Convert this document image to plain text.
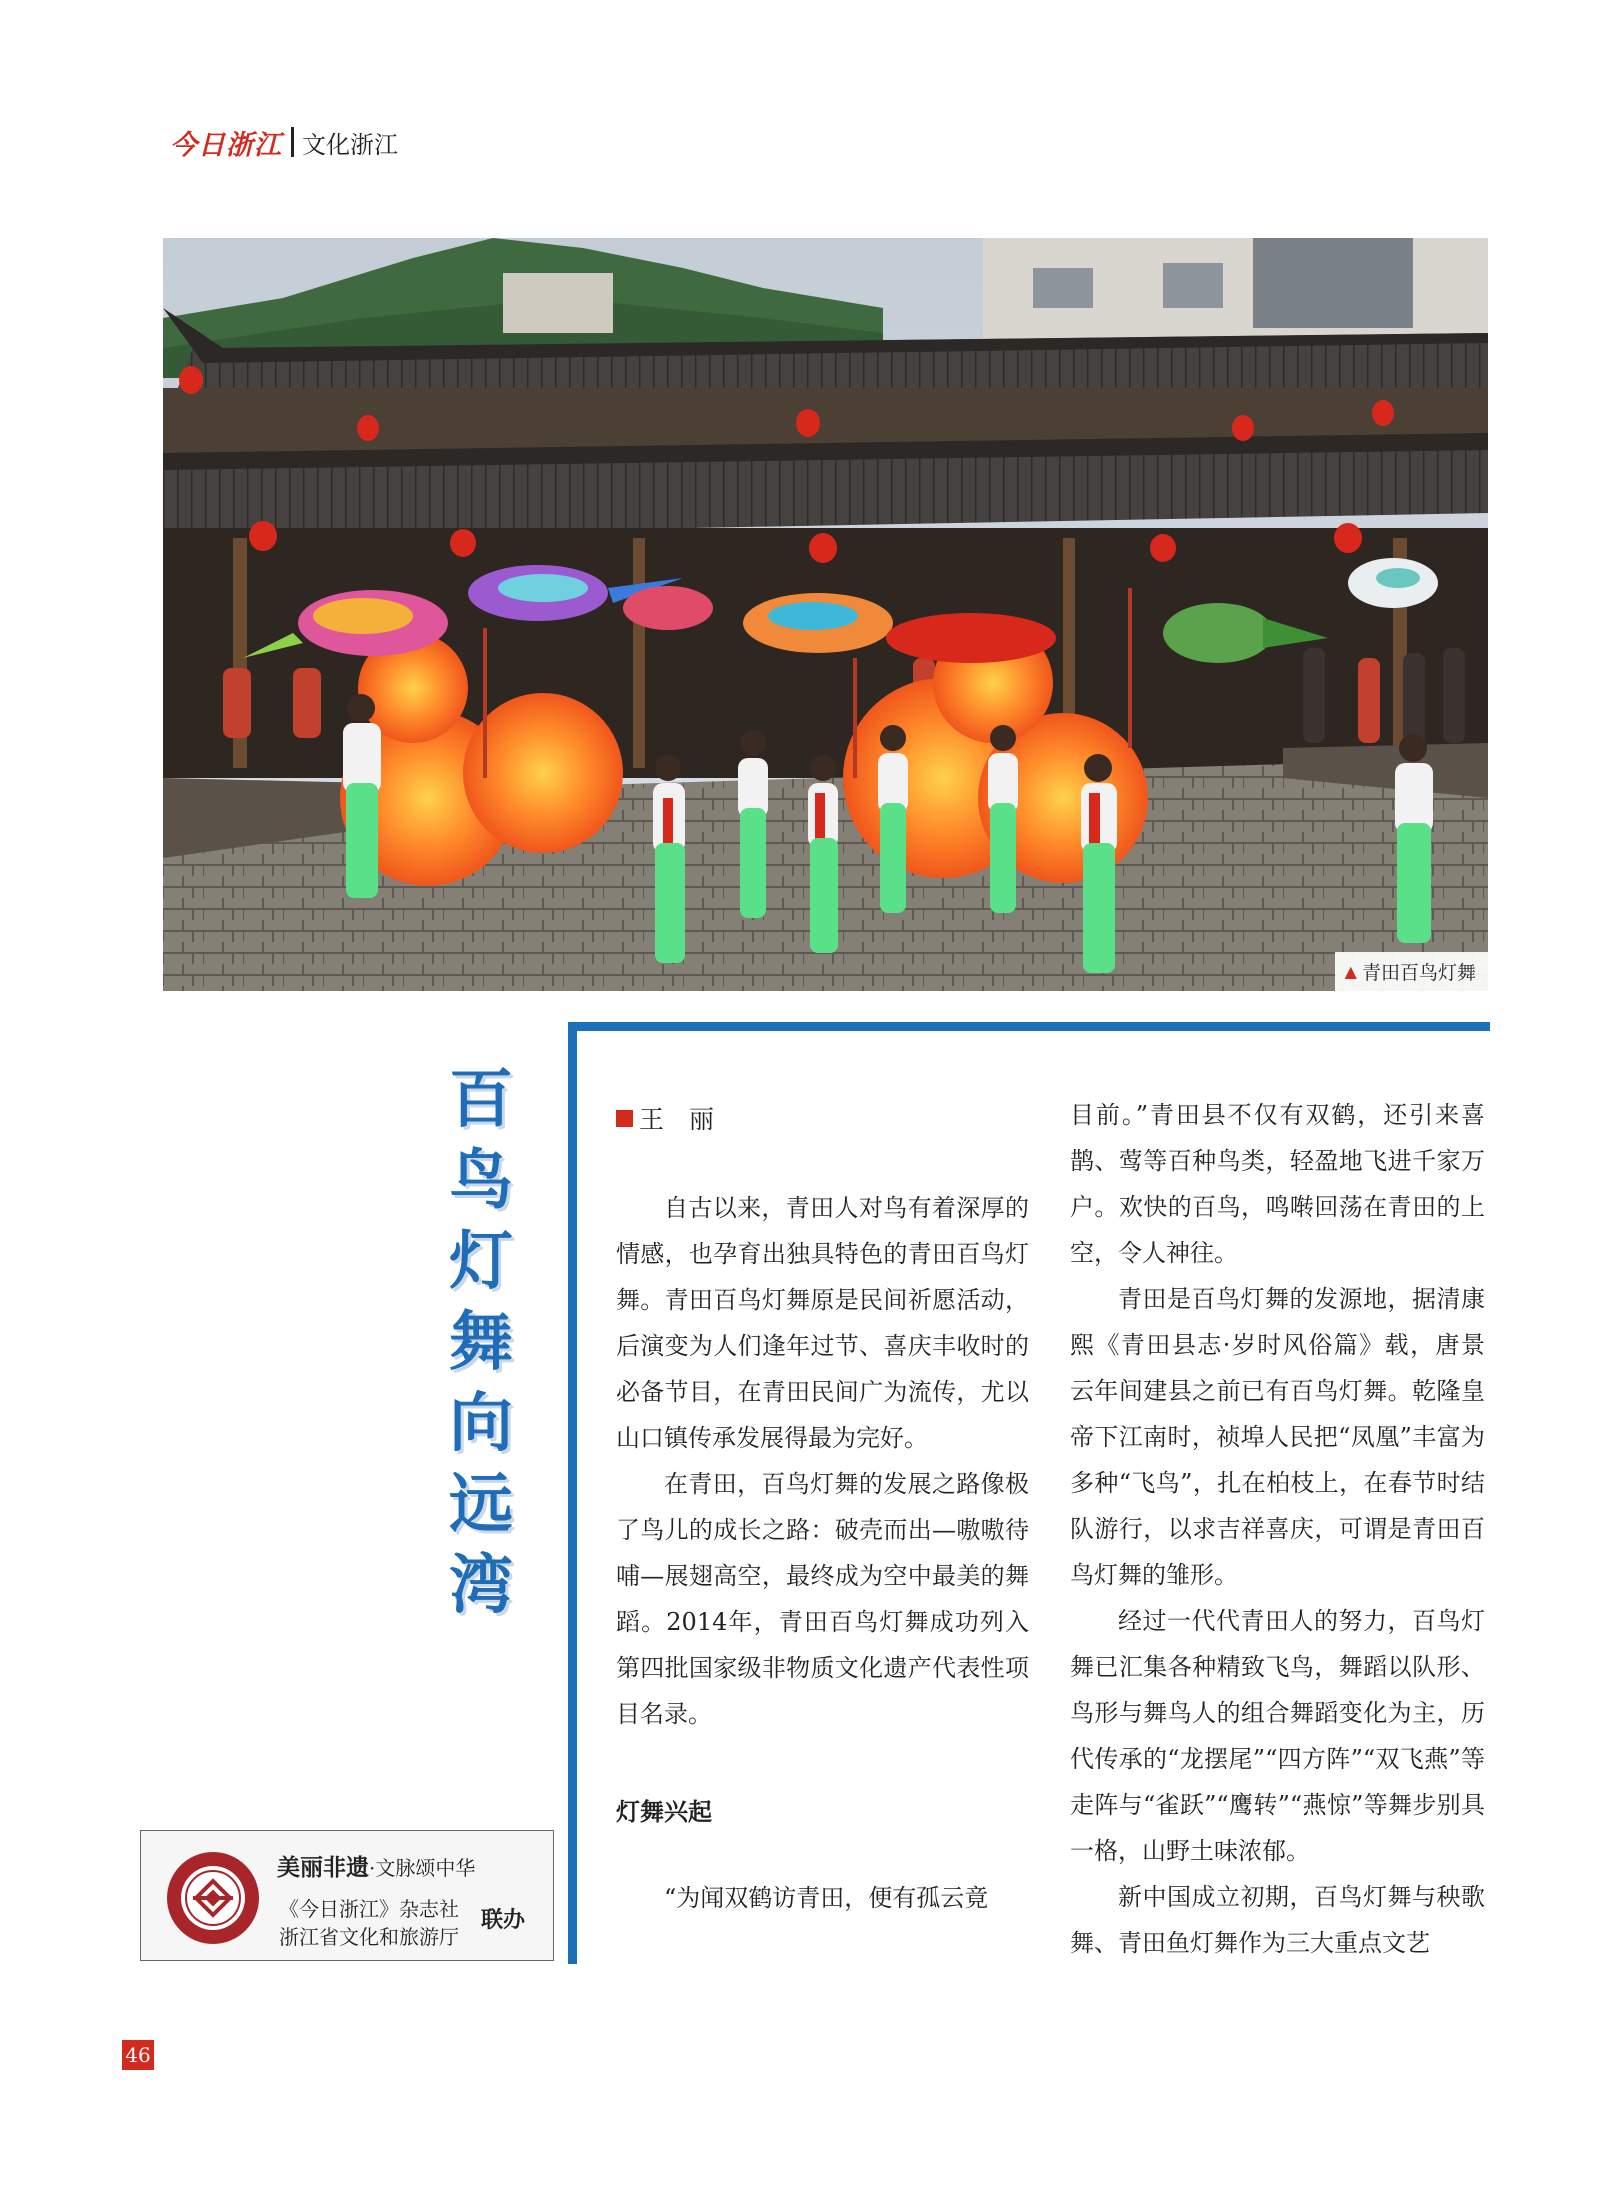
今日浙江 文化浙江
▲ 青田百鸟灯舞
百
鸟
灯
舞
向
远
湾
王　丽

自古以来，青田人对鸟有着深厚的情感，也孕育出独具特色的青田百鸟灯舞。青田百鸟灯舞原是民间祈愿活动，后演变为人们逢年过节、喜庆丰收时的必备节目，在青田民间广为流传，尤以山口镇传承发展得最为完好。

在青田，百鸟灯舞的发展之路像极了鸟儿的成长之路：破壳而出—嗷嗷待哺—展翅高空，最终成为空中最美的舞蹈。2014年，青田百鸟灯舞成功列入第四批国家级非物质文化遗产代表性项目名录。

灯舞兴起

“为闻双鹤访青田，便有孤云竟

目前。”青田县不仅有双鹤，还引来喜鹊、莺等百种鸟类，轻盈地飞进千家万户。欢快的百鸟，鸣啭回荡在青田的上空，令人神往。

青田是百鸟灯舞的发源地，据清康熙《青田县志·岁时风俗篇》载，唐景云年间建县之前已有百鸟灯舞。乾隆皇帝下江南时，祯埠人民把“凤凰”丰富为多种“飞鸟”，扎在柏枝上，在春节时结队游行，以求吉祥喜庆，可谓是青田百鸟灯舞的雏形。

经过一代代青田人的努力，百鸟灯舞已汇集各种精致飞鸟，舞蹈以队形、鸟形与舞鸟人的组合舞蹈变化为主，历代传承的“龙摆尾”“四方阵”“双飞燕”等走阵与“雀跃”“鹰转”“燕惊”等舞步别具一格，山野土味浓郁。

新中国成立初期，百鸟灯舞与秧歌舞、青田鱼灯舞作为三大重点文艺

美丽非遗·文脉颂中华
《今日浙江》杂志社
浙江省文化和旅游厅
联办
46
